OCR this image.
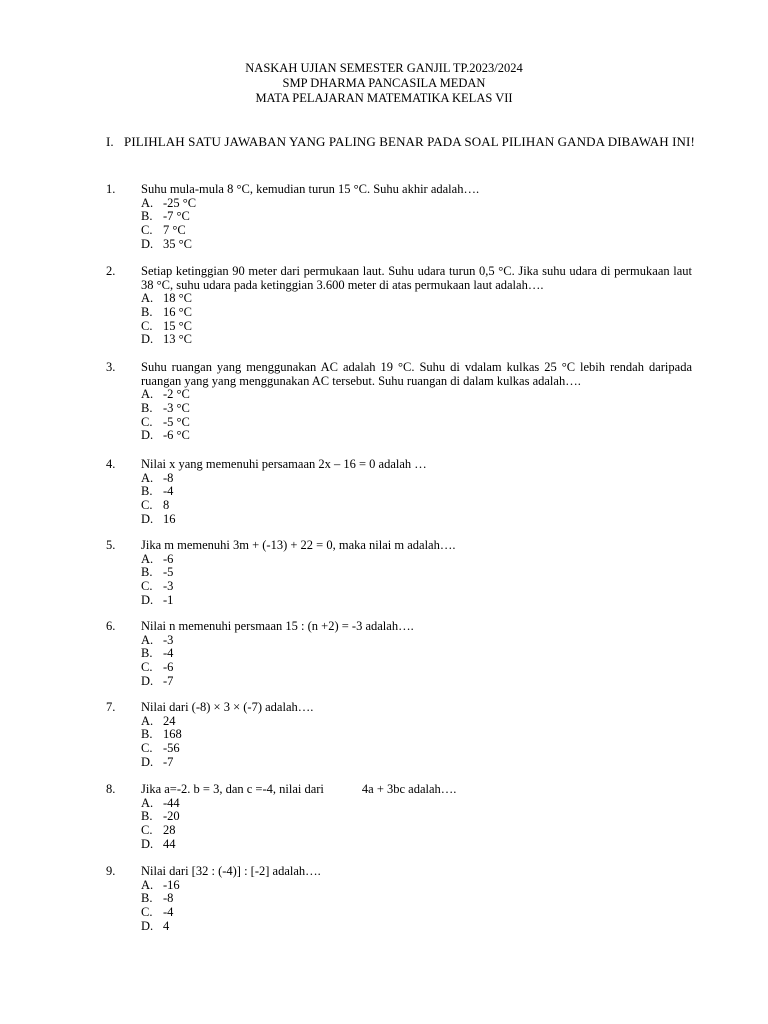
NASKAH UJIAN SEMESTER GANJIL TP.2023/2024
SMP DHARMA PANCASILA MEDAN
MATA PELAJARAN MATEMATIKA KELAS VII
I. PILIHLAH SATU JAWABAN YANG PALING BENAR PADA SOAL PILIHAN GANDA DIBAWAH INI!
1. Suhu mula-mula 8 °C, kemudian turun 15 °C. Suhu akhir adalah….
A. -25 °C
B. -7 °C
C. 7 °C
D. 35 °C
2. Setiap ketinggian 90 meter dari permukaan laut. Suhu udara turun 0,5 °C. Jika suhu udara di permukaan laut 38 °C, suhu udara pada ketinggian 3.600 meter di atas permukaan laut adalah….
A. 18 °C
B. 16 °C
C. 15 °C
D. 13 °C
3. Suhu ruangan yang menggunakan AC adalah 19 °C. Suhu di vdalam kulkas 25 °C lebih rendah daripada ruangan yang yang menggunakan AC tersebut. Suhu ruangan di dalam kulkas adalah….
A. -2 °C
B. -3 °C
C. -5 °C
D. -6 °C
4. Nilai x yang memenuhi persamaan 2x – 16 = 0 adalah …
A. -8
B. -4
C. 8
D. 16
5. Jika m memenuhi 3m + (-13) + 22 = 0, maka nilai m adalah….
A. -6
B. -5
C. -3
D. -1
6. Nilai n memenuhi persmaan 15 : (n +2) = -3 adalah….
A. -3
B. -4
C. -6
D. -7
7. Nilai dari (-8) × 3 × (-7) adalah….
A. 24
B. 168
C. -56
D. -7
8. Jika a=-2. b = 3, dan c =-4, nilai dari	4a + 3bc adalah….
A. -44
B. -20
C. 28
D. 44
9. Nilai dari [32 : (-4)] : [-2] adalah….
A. -16
B. -8
C. -4
D. 4
